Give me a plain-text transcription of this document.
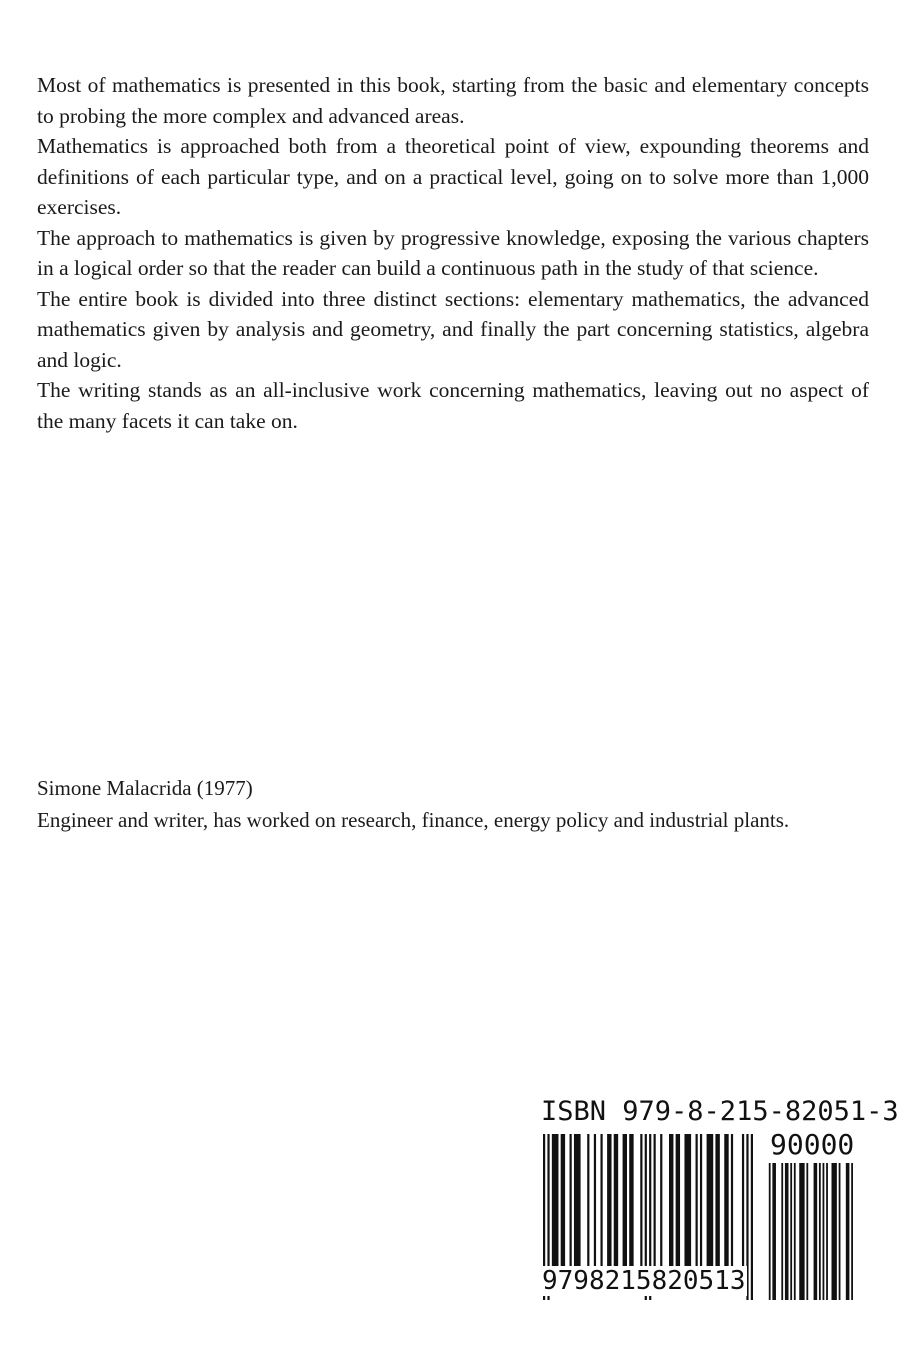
Most of mathematics is presented in this book, starting from the basic and elementary concepts to probing the more complex and advanced areas.

Mathematics is approached both from a theoretical point of view, expounding theorems and definitions of each particular type, and on a practical level, going on to solve more than 1,000 exercises.

The approach to mathematics is given by progressive knowledge, exposing the various chapters in a logical order so that the reader can build a continuous path in the study of that science.

The entire book is divided into three distinct sections: elementary mathematics, the advanced mathematics given by analysis and geometry, and finally the part concerning statistics, algebra and logic.

The writing stands as an all-inclusive work concerning mathematics, leaving out no aspect of the many facets it can take on.

Simone Malacrida (1977)

Engineer and writer, has worked on research, finance, energy policy and industrial plants.

ISBN 979-8-215-82051-3
90000
9798215820513
